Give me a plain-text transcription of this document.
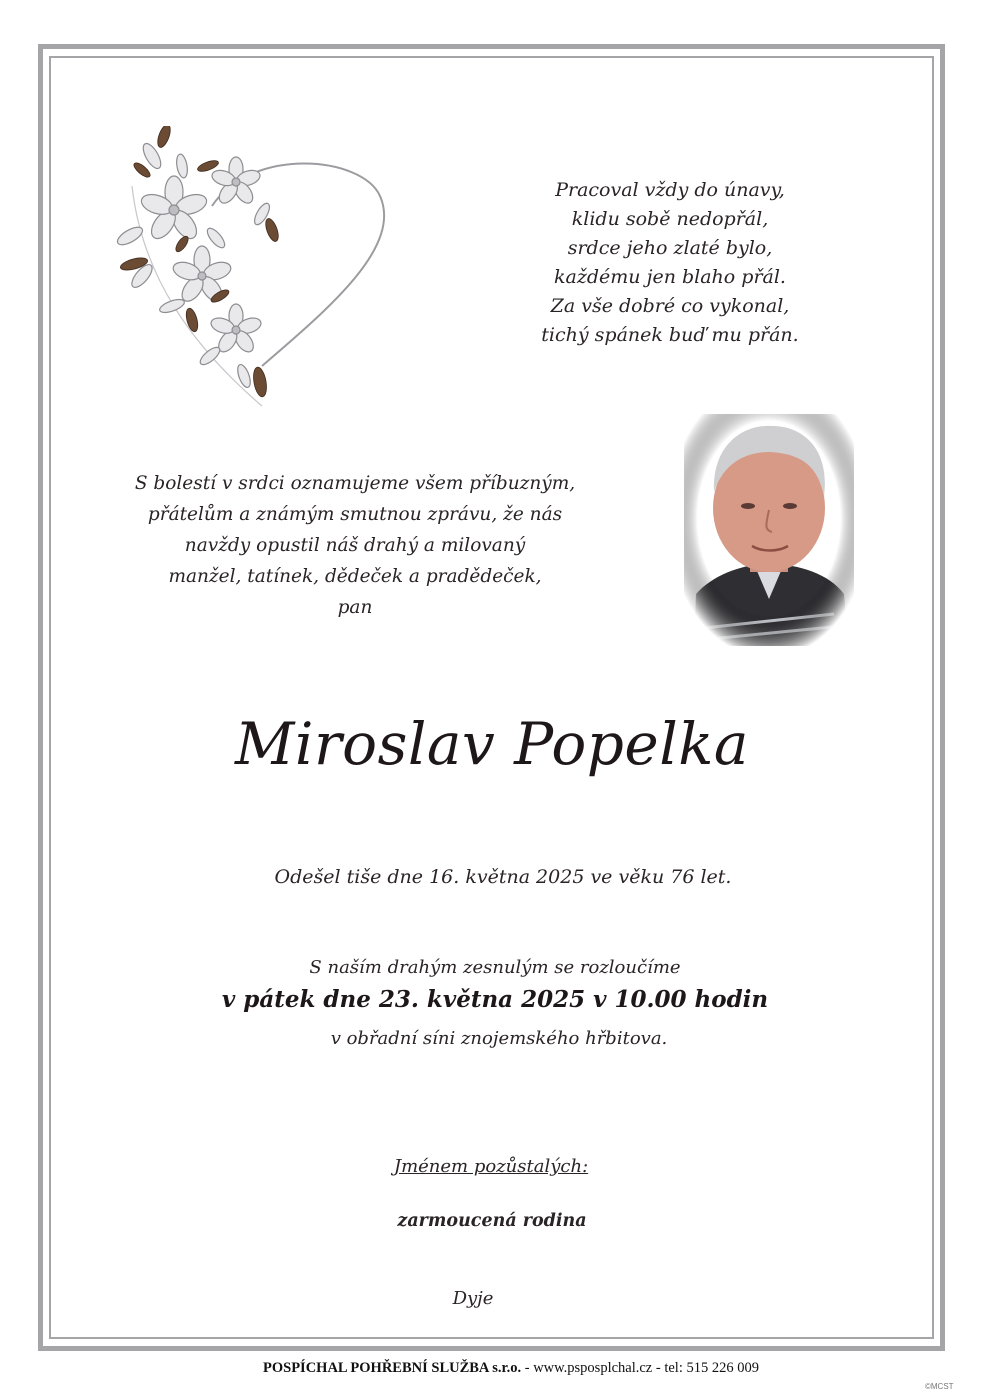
Pracoval vždy do únavy,
klidu sobě nedopřál,
srdce jeho zlaté bylo,
každému jen blaho přál.
Za vše dobré co vykonal,
tichý spánek buď mu přán.
S bolestí v srdci oznamujeme všem příbuzným,
přátelům a známým smutnou zprávu, že nás
navždy opustil náš drahý a milovaný
manžel, tatínek, dědeček a pradědeček,
pan
Miroslav Popelka
Odešel tiše dne 16. května 2025 ve věku 76 let.
S naším drahým zesnulým se rozloučíme
v pátek dne 23. května 2025 v 10.00 hodin
v obřadní síni znojemského hřbitova.
Jménem pozůstalých:
zarmoucená rodina
Dyje
POSPÍCHAL POHŘEBNÍ SLUŽBA s.r.o. - www.psposplchal.cz - tel: 515 226 009
©MCST
